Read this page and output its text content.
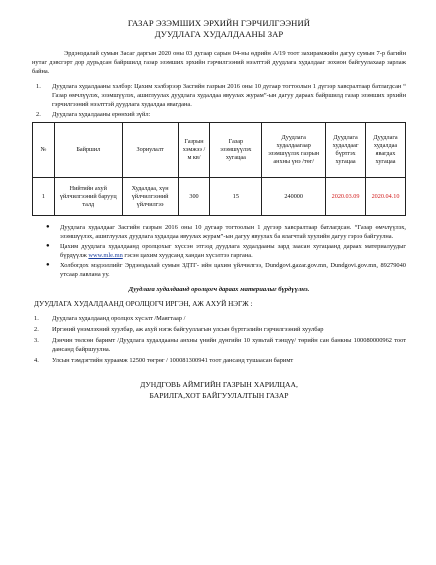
ГАЗАР ЭЗЭМШИХ ЭРХИЙН ГЭРЧИЛГЭЭНИЙ
ДУУДЛАГА ХУДАЛДААНЫ ЗАР
Эрдэнэдалай сумын Засаг даргын 2020 оны 03 дугаар сарын 04-ны өдрийн А/19 тоот захирамжийн дагуу сумын 7-р багийн нутаг дэвсгэрт дор дурьдсан байршилд газар эзэмших эрхийн гэрчилгээний нээлттэй дуудлага худалдааг зохион байгуулахаар зарлаж байна.
1.	Дуудлага худалдааны хэлбэр: Цахим хэлбэрээр Засгийн газрын 2016 оны 10 дугаар тогтоолын 1 дүгээр хавсралтаар батлагдсан “ Газар өмчлүүлэх, эзэмшүүлэх, ашиглуулах дуудлага худалдаа явуулах журам”-ын дагуу дараах байршилд газар эзэмших эрхийн гэрчилгээний нээлттэй дуудлага худалдаа явагдана.
2.	Дуудлага худалдааны ерөнхий зүйл:
№	Байршил	Зориулалт	Газрын хэмжээ / м кв/	Газар эзэмшүүлэх хугацаа	Дуудлага худалдаагаар эзэмшүүлэх газрын анхны үнэ /төг/	Дуудлага худалдааг бүртгэх хугацаа	Дуудлага худалдаа явагдах хугацаа
1	Нийтийн ахуй үйлчилгээний барууц талд	Худалдаа, хүн үйлчилгээний үйлчилгээ	300	15	240000	2020.03.09	2020.04.10
●	Дуудлага худалдааг Засгийн газрын 2016 оны 10 дугаар тогтоолын 1 дүгээр хавсралтаар батлагдсан. “Газар өмчлүүлэх, эзэмшүүлэх, ашиглуулах дуудлага худалдаа явуулах журам”-ын дагуу явуулах ба ялагчтай хуулийн дагуу гэрээ байгуулна.
●	Цахим дуудлага худалдаанд оролцохыг хүссэн этгээд дуудлага худалдааны зард заасан хугацаанд дараах материалуудыг бүрдүүлж www.mle.mn гэсэн цахим хуудсанд хандан хүсэлтээ гаргана.
●	Холбогдох мэдээллийг Эрдэнэдалай сумын ЗДТГ- ийн цахим үйлчилгээ, Dundgovi.gazar.gov.mn, Dundgovi.gov.mn, 89279040 утсаар лавлана уу.
Дуудлага худалдаанд оролцогч дараах материалыг бүрдүүлнэ.
ДУУДЛАГА ХУДАЛДААНД ОРОЛЦОГЧ ИРГЭН, АЖ АХУЙ НЭГЖ :
1.	Дуудлага худалдаанд оролцох хүсэлт /Маягтаар /
2.	Иргэний үнэмлэхний хуулбар, аж ахуй нэгж байгууллагын улсын бүртгэлийн гэрчилгээний хуулбар
3.	Дэнчин төлсөн баримт /Дуудлага худалдааны анхны үнийн дүнгийн 10 хувьтай тэнцүү/ төрийн сан банкны 100080000962 тоот дансанд байршуулна.
4.	Улсын тэмдэгтийн хураамж 12500 төгрөг / 100081300941 тоот дансанд тушаасан баримт
ДУНДГОВЬ АЙМГИЙН ГАЗРЫН ХАРИЛЦАА,
БАРИЛГА,ХОТ БАЙГУУЛАЛТЫН ГАЗАР
